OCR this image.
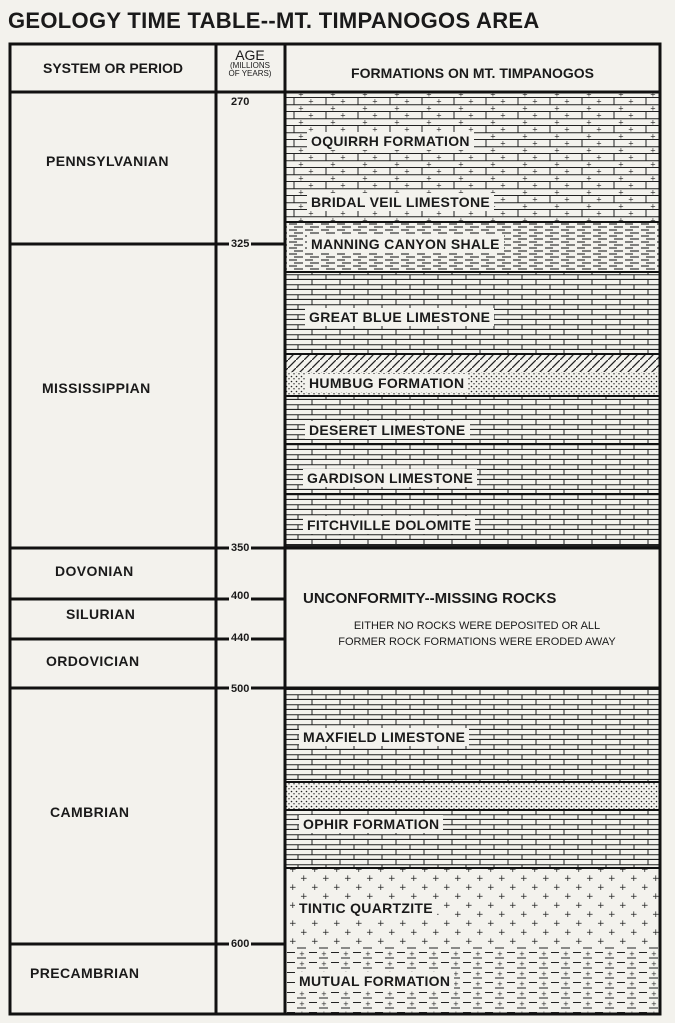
GEOLOGY TIME TABLE--MT. TIMPANOGOS AREA
SYSTEM OR PERIOD
AGE
(MILLIONS
OF YEARS)	FORMATIONS ON MT. TIMPANOGOS
PENNSYLVANIAN
MISSISSIPPIAN
DOVONIAN
SILURIAN
ORDOVICIAN
CAMBRIAN
PRECAMBRIAN
270
325
350
400
440
500
600
OQUIRRH FORMATION
BRIDAL VEIL LIMESTONE
MANNING CANYON SHALE
GREAT BLUE LIMESTONE
HUMBUG FORMATION
DESERET LIMESTONE
GARDISON LIMESTONE
FITCHVILLE DOLOMITE
MAXFIELD LIMESTONE
OPHIR FORMATION
TINTIC QUARTZITE
MUTUAL FORMATION
UNCONFORMITY--MISSING ROCKS
EITHER NO ROCKS WERE DEPOSITED OR ALL
FORMER ROCK FORMATIONS WERE ERODED AWAY
